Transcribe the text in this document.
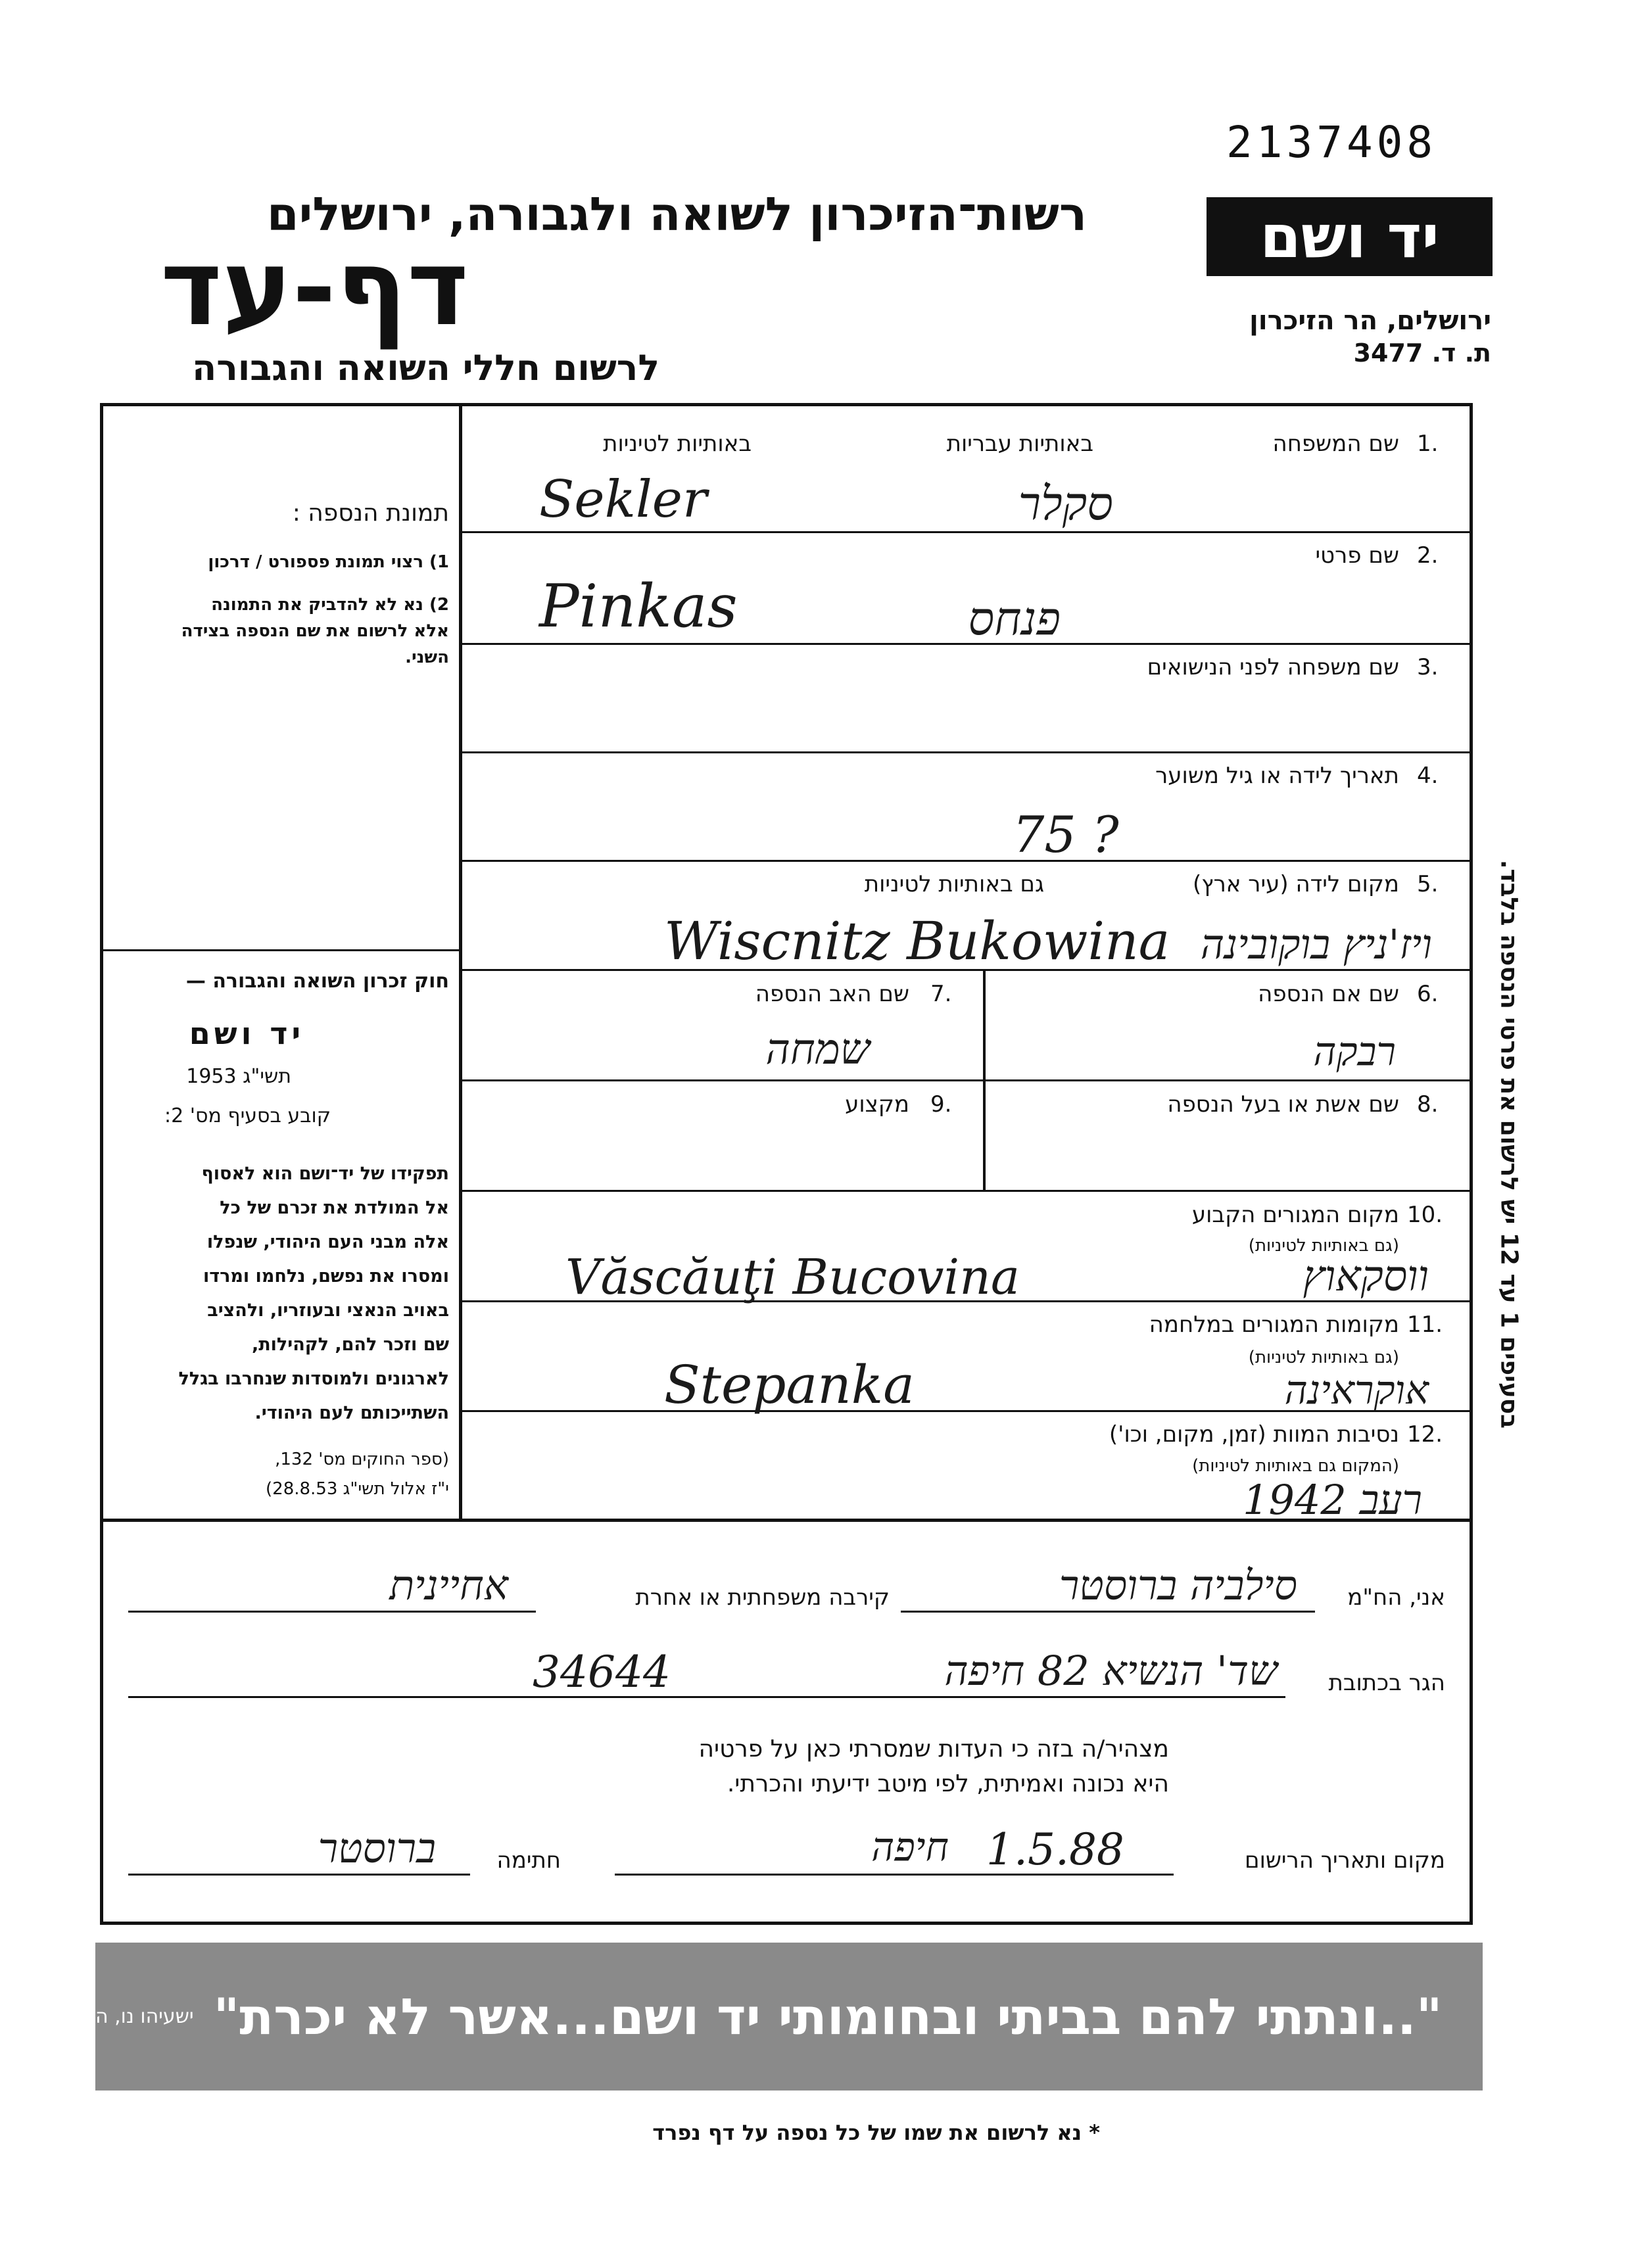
2137408
רשות־הזיכרון לשואה ולגבורה, ירושלים
דף-עד
לרשום חללי השואה והגבורה
יד ושם
ירושלים, הר הזיכרון
ת. ד. 3477
1.
שם המשפחה
באותיות עבריות
באותיות לטיניות
סקלר
Sekler
2.
שם פרטי
פנחס
Pinkas
3.
שם משפחה לפני הנישואים
4.
תאריך לידה או גיל משוער
75 ?
5.
מקום לידה (עיר ארץ)
גם באותיות לטיניות
Wiscnitz Bukowina ויז'ניץ בוקובינה
6.
שם אם הנספה
רבקה
7.
שם האב הנספה
שמחה
8.
שם אשת או בעל הנספה
9.
מקצוע
10.
מקום המגורים הקבוע
(גם באותיות לטיניות)
Văscăuţi Bucovina	ווסקאוץ
11.
מקומות המגורים במלחמה
(גם באותיות לטיניות)
Stepanka	אוקראינה
12.
נסיבות המוות (זמן, מקום, וכו')
(המקום גם באותיות לטיניות)
רעב 1942
תמונת הנספה :
1) רצוי תמונת פספורט / דרכון
2) נא לא להדביק את התמונה
אלא לרשום את שם הנספה בצידה
השני.
חוק זכרון השואה והגבורה —
יד ושם
תשי"ג 1953
קובע בסעיף מס' 2:
תפקידו של יד־ושם הוא לאסוף
אל המולדת את זכרם של כל
אלה מבני העם היהודי, שנפלו
ומסרו את נפשם, נלחמו ומרדו
באויב הנאצי ובעוזריו, ולהציב
שם וזכר להם, לקהילות,
לארגונים ולמוסדות שנחרבו בגלל
השתייכותם לעם היהודי.
(ספר החוקים מס' 132,
י"ז אלול תשי"ג 28.8.53)
בסעיפים 1 עד 12 יש לרשום את פרטי הנספה בלבד.
אני, הח"מ
סילביה ברוסטר
קירבה משפחתית או אחרת
אחיינית
הגר בכתובת
שד' הנשיא 82 חיפה
34644
מצהיר/ה בזה כי העדות שמסרתי כאן על פרטיה
היא נכונה ואמיתית, לפי מיטב ידיעתי והכרתי.
מקום ותאריך הרישום
חיפה 1.5.88
חתימה
ברוסטר
"..ונתתי להם בביתי ובחומותי יד ושם...אשר לא יכרת"
ישעיהו נו, ה
* נא לרשום את שמו של כל נספה על דף נפרד
